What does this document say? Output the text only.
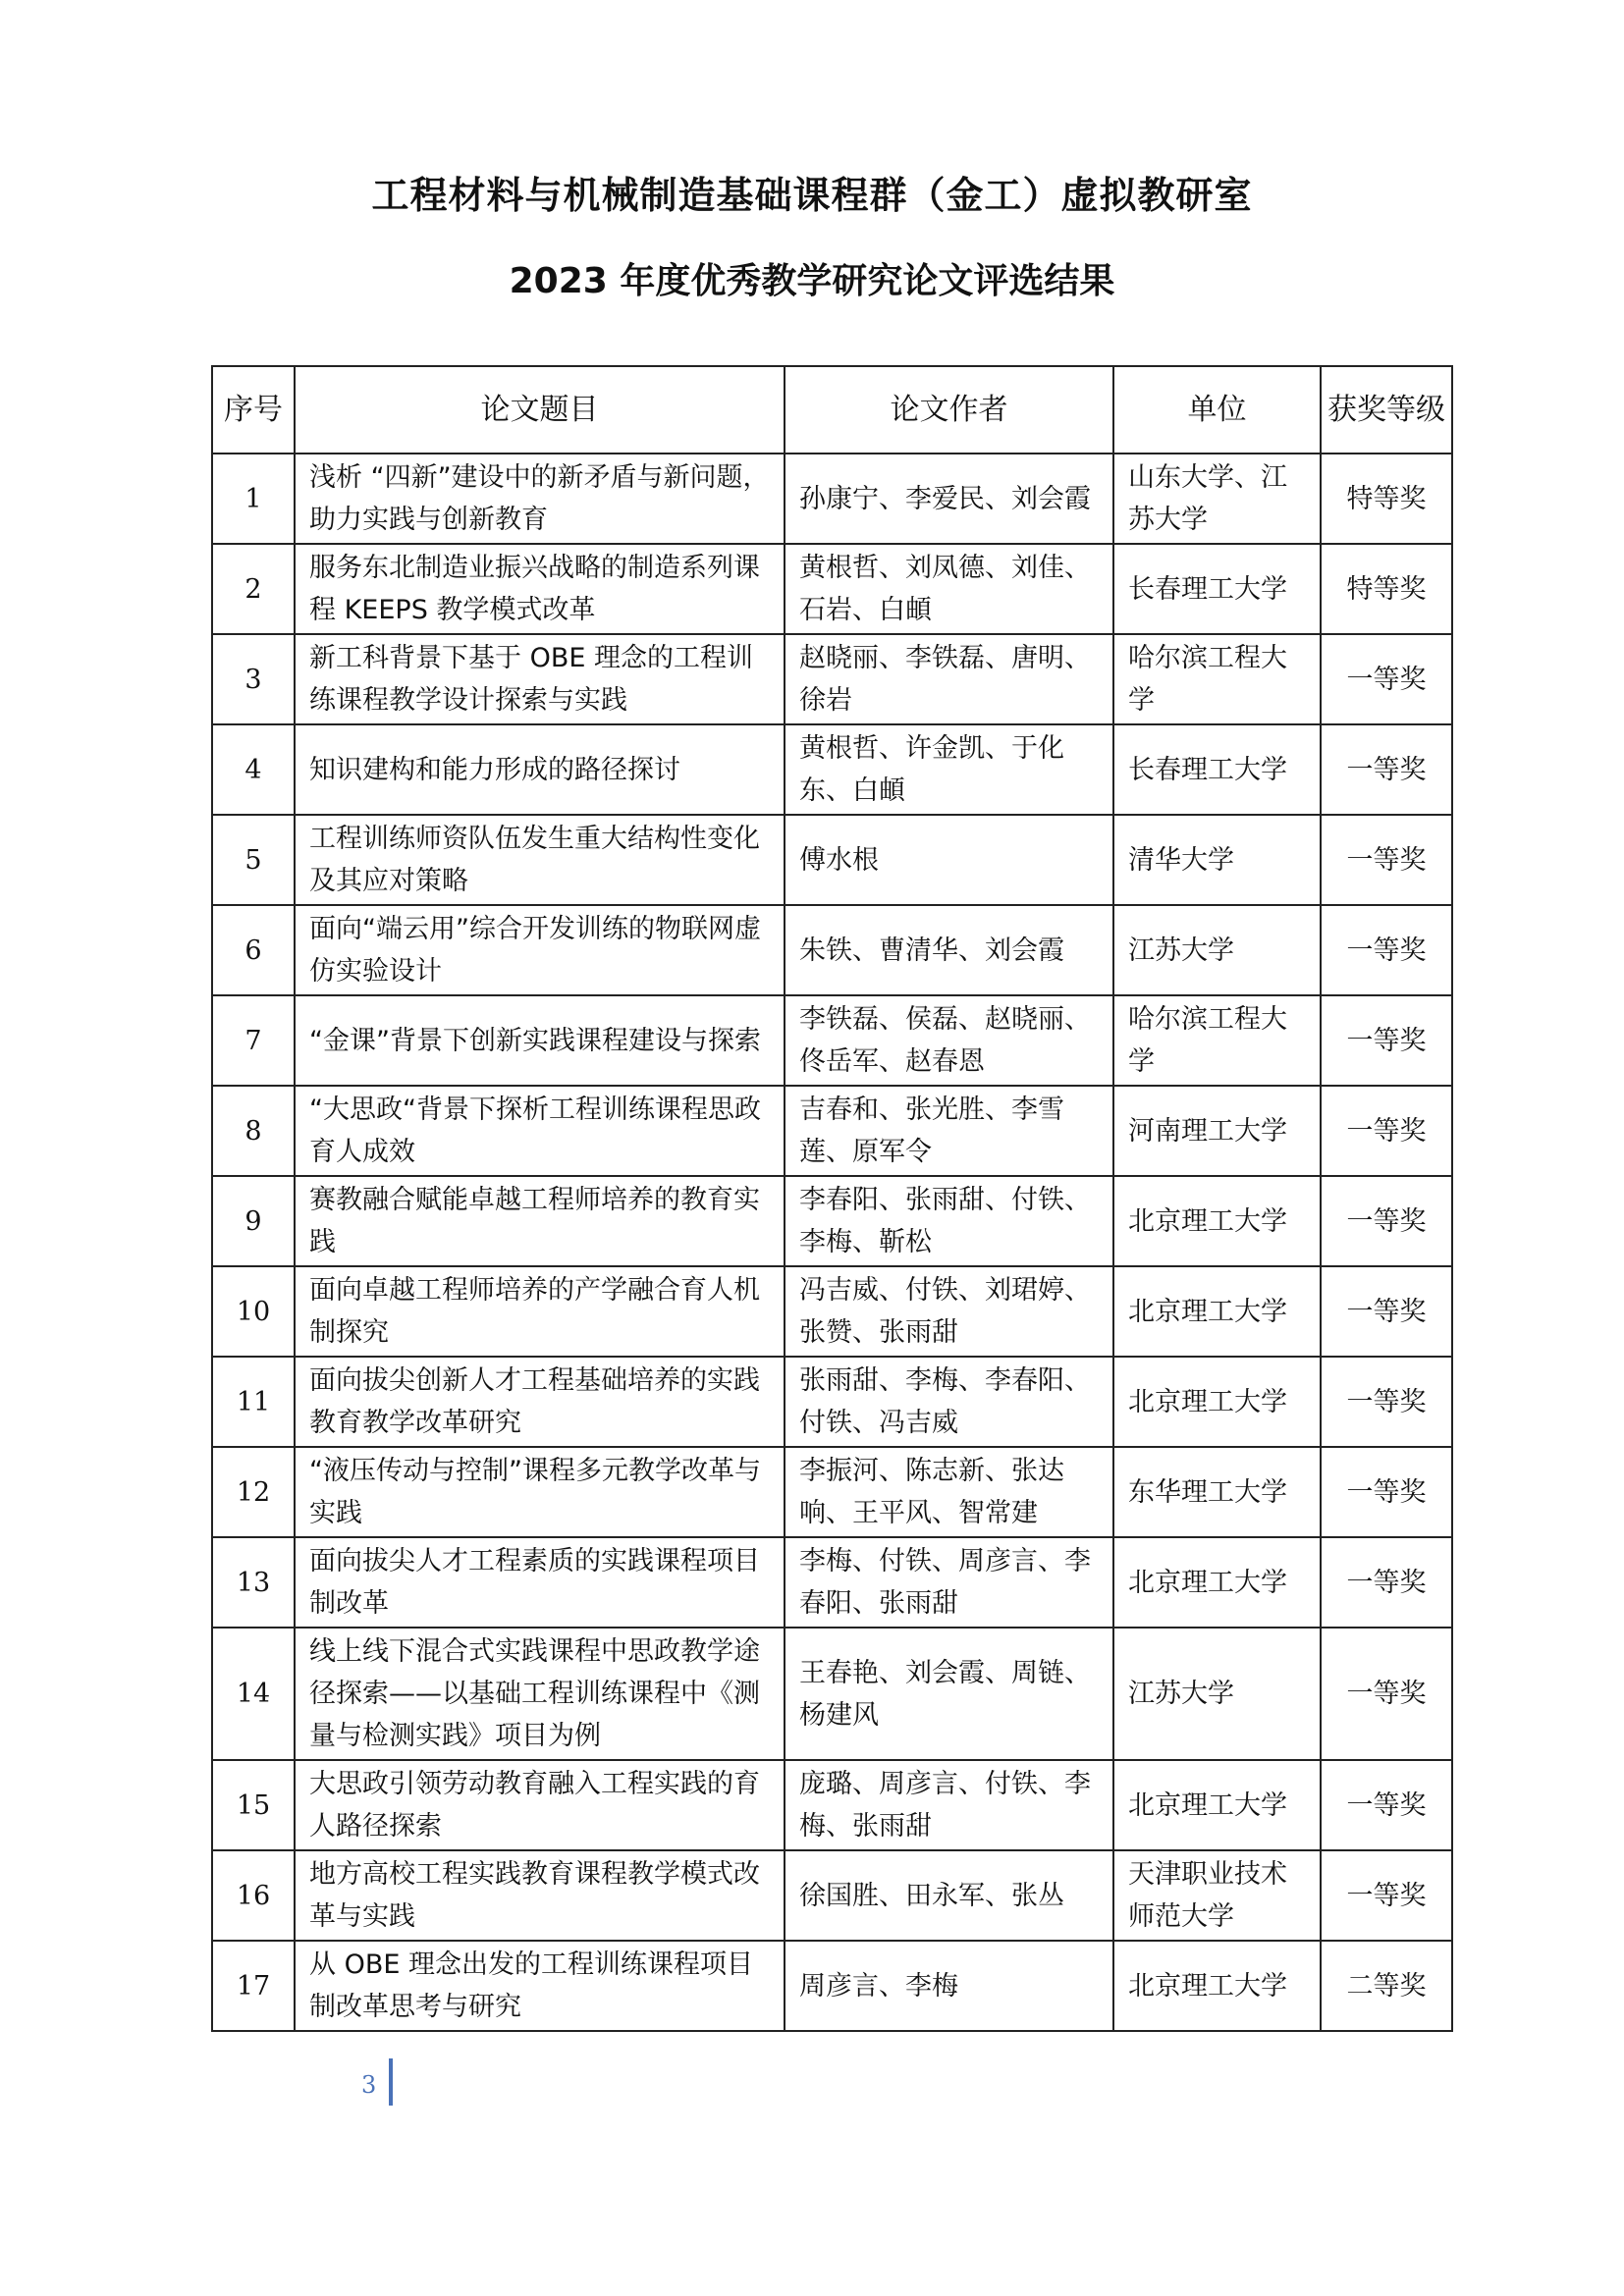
工程材料与机械制造基础课程群（金工）虚拟教研室
2023 年度优秀教学研究论文评选结果
序号	论文题目	论文作者	单位	获奖等级
1	浅析 “四新”建设中的新矛盾与新问题，助力实践与创新教育	孙康宁、李爱民、刘会霞	山东大学、江苏大学	特等奖
2	服务东北制造业振兴战略的制造系列课程 KEEPS 教学模式改革	黄根哲、刘凤德、刘佳、石岩、白頔	长春理工大学	特等奖
3	新工科背景下基于 OBE 理念的工程训练课程教学设计探索与实践	赵晓丽、李铁磊、唐明、徐岩	哈尔滨工程大学	一等奖
4	知识建构和能力形成的路径探讨	黄根哲、许金凯、于化东、白頔	长春理工大学	一等奖
5	工程训练师资队伍发生重大结构性变化及其应对策略	傅水根	清华大学	一等奖
6	面向“端云用”综合开发训练的物联网虚仿实验设计	朱铁、曹清华、刘会霞	江苏大学	一等奖
7	“金课”背景下创新实践课程建设与探索	李铁磊、侯磊、赵晓丽、佟岳军、赵春恩	哈尔滨工程大学	一等奖
8	“大思政“背景下探析工程训练课程思政育人成效	吉春和、张光胜、李雪莲、原军令	河南理工大学	一等奖
9	赛教融合赋能卓越工程师培养的教育实践	李春阳、张雨甜、付铁、李梅、靳松	北京理工大学	一等奖
10	面向卓越工程师培养的产学融合育人机制探究	冯吉威、付铁、刘珺婷、张赞、张雨甜	北京理工大学	一等奖
11	面向拔尖创新人才工程基础培养的实践教育教学改革研究	张雨甜、李梅、李春阳、付铁、冯吉威	北京理工大学	一等奖
12	“液压传动与控制”课程多元教学改革与实践	李振河、陈志新、张达响、王平风、智常建	东华理工大学	一等奖
13	面向拔尖人才工程素质的实践课程项目制改革	李梅、付铁、周彦言、李春阳、张雨甜	北京理工大学	一等奖
14	线上线下混合式实践课程中思政教学途径探索——以基础工程训练课程中《测量与检测实践》项目为例	王春艳、刘会霞、周链、杨建风	江苏大学	一等奖
15	大思政引领劳动教育融入工程实践的育人路径探索	庞璐、周彦言、付铁、李梅、张雨甜	北京理工大学	一等奖
16	地方高校工程实践教育课程教学模式改革与实践	徐国胜、田永军、张丛	天津职业技术师范大学	一等奖
17	从 OBE 理念出发的工程训练课程项目制改革思考与研究	周彦言、李梅	北京理工大学	二等奖
3
